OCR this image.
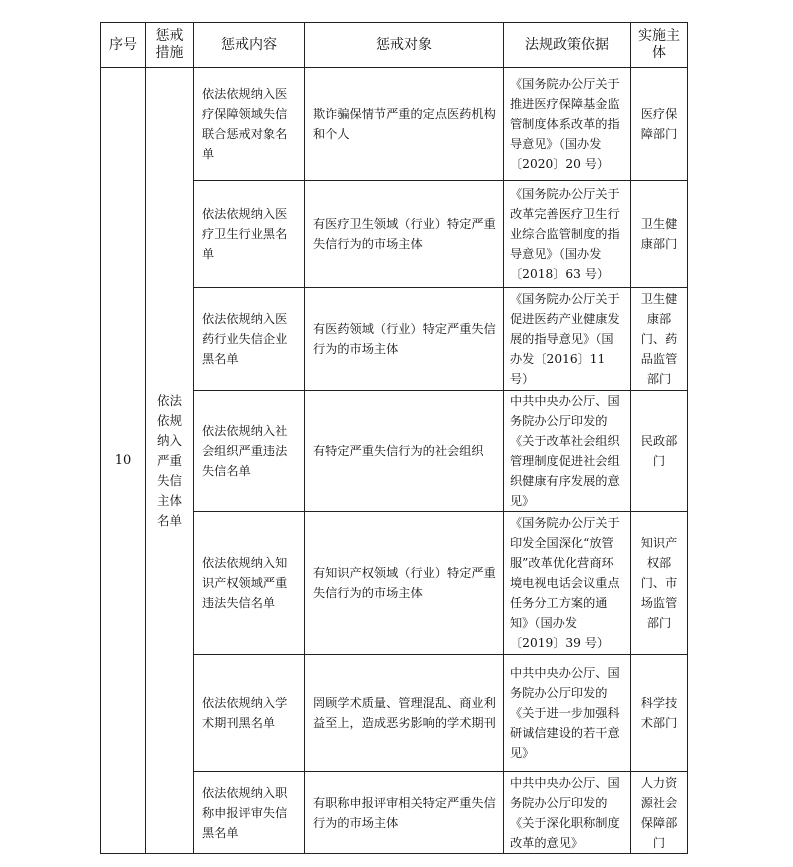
序号	惩戒措施	惩戒内容	惩戒对象	法规政策依据	实施主体
10	依法依规纳入严重失信主体名单	依法依规纳入医疗保障领域失信联合惩戒对象名单	欺诈骗保情节严重的定点医药机构和个人	《国务院办公厅关于推进医疗保障基金监管制度体系改革的指导意见》（国办发〔2020〕20 号）	医疗保障部门
		依法依规纳入医疗卫生行业黑名单	有医疗卫生领域（行业）特定严重失信行为的市场主体	《国务院办公厅关于改革完善医疗卫生行业综合监管制度的指导意见》（国办发〔2018〕63 号）	卫生健康部门
		依法依规纳入医药行业失信企业黑名单	有医药领域（行业）特定严重失信行为的市场主体	《国务院办公厅关于促进医药产业健康发展的指导意见》（国办发〔2016〕11 号）	卫生健康部门、药品监管部门
		依法依规纳入社会组织严重违法失信名单	有特定严重失信行为的社会组织	中共中央办公厅、国务院办公厅印发的《关于改革社会组织管理制度促进社会组织健康有序发展的意见》	民政部门
		依法依规纳入知识产权领域严重违法失信名单	有知识产权领域（行业）特定严重失信行为的市场主体	《国务院办公厅关于印发全国深化“放管服”改革优化营商环境电视电话会议重点任务分工方案的通知》（国办发〔2019〕39 号）	知识产权部门、市场监管部门
		依法依规纳入学术期刊黑名单	罔顾学术质量、管理混乱、商业利益至上，造成恶劣影响的学术期刊	中共中央办公厅、国务院办公厅印发的《关于进一步加强科研诚信建设的若干意见》	科学技术部门
		依法依规纳入职称申报评审失信黑名单	有职称申报评审相关特定严重失信行为的市场主体	中共中央办公厅、国务院办公厅印发的《关于深化职称制度改革的意见》	人力资源社会保障部门
